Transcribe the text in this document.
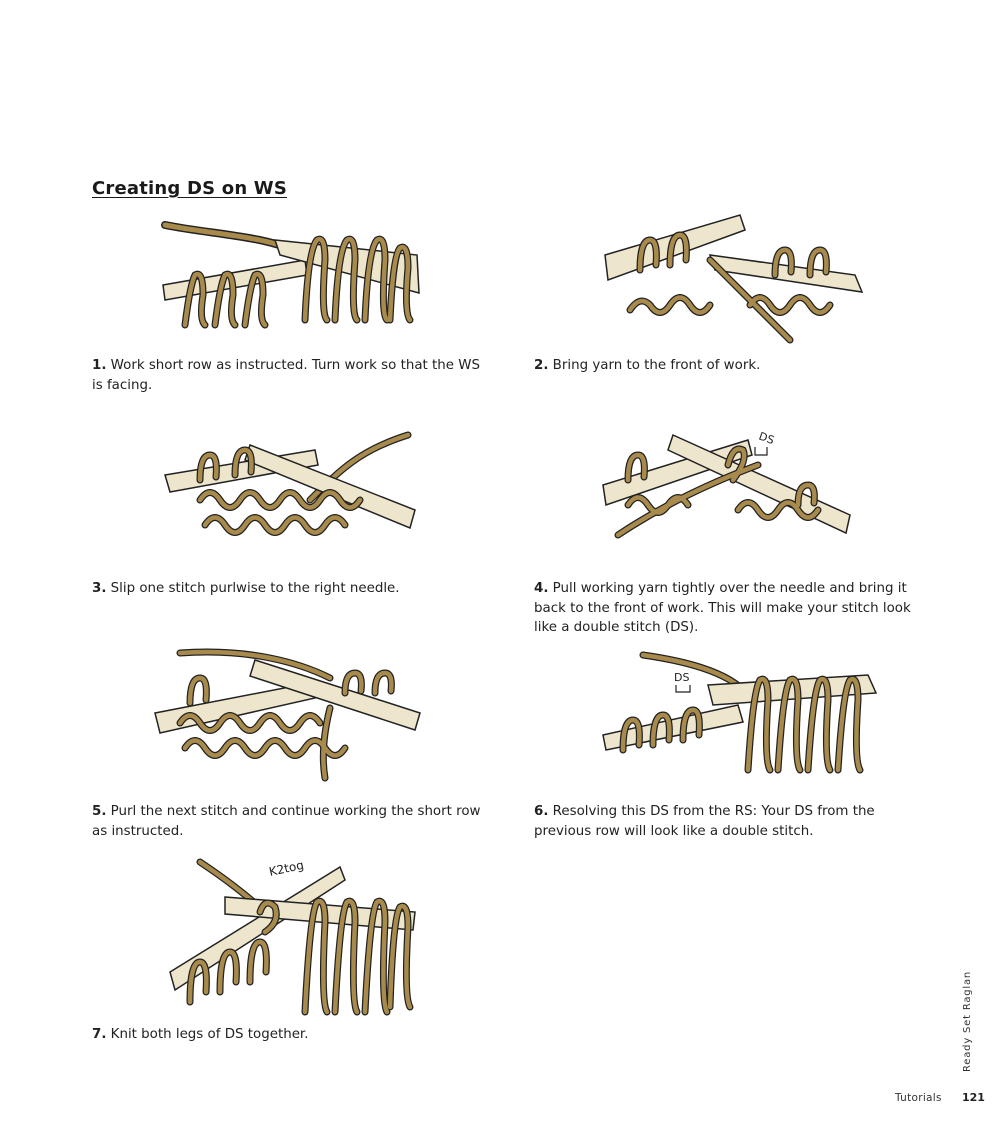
Creating DS on WS
DS
DS
K2tog
1. Work short row as instructed. Turn work so that the WS is facing.
2. Bring yarn to the front of work.
3. Slip one stitch purlwise to the right needle.	4. Pull working yarn tightly over the needle and bring it back to the front of work. This will make your stitch look like a double stitch (DS).
5. Purl the next stitch and continue working the short row as instructed.
6. Resolving this DS from the RS: Your DS from the previous row will look like a double stitch.
7. Knit both legs of DS together.	Ready Set Raglan
Tutorials 121
